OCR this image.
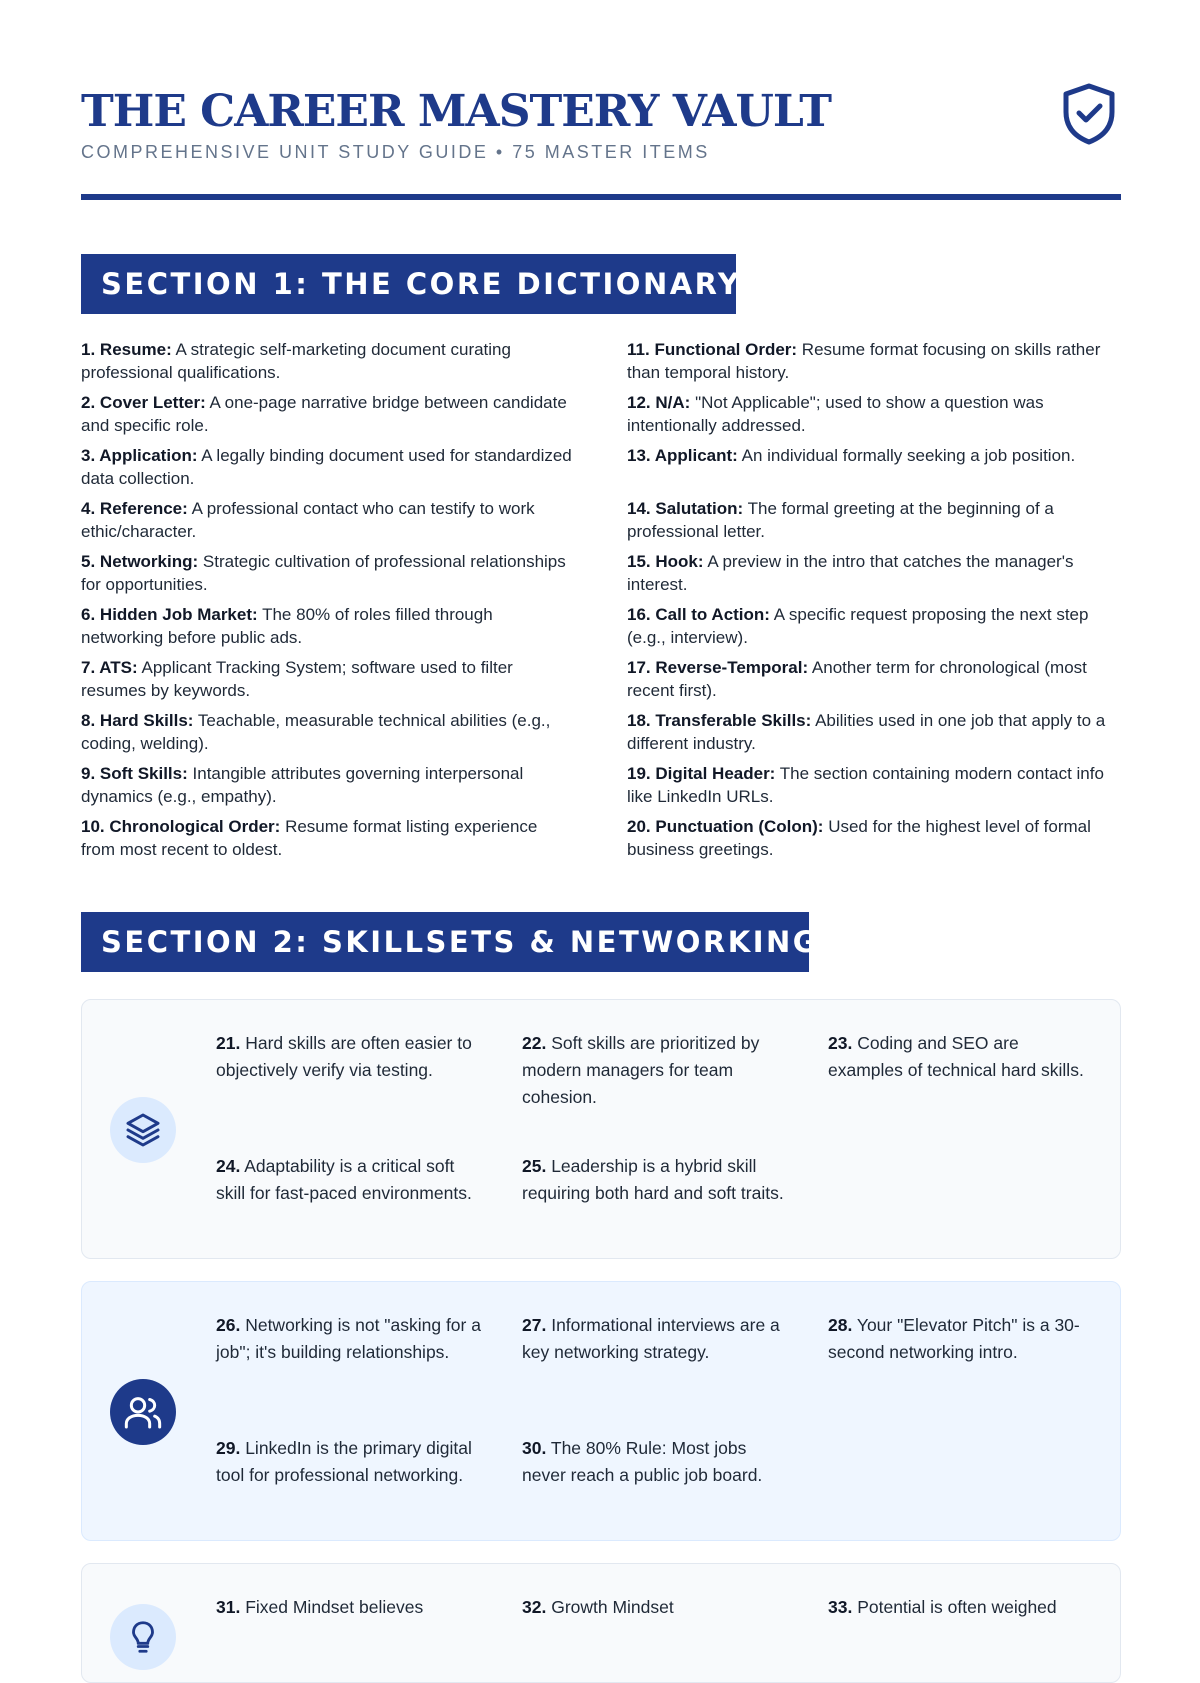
THE CAREER MASTERY VAULT
COMPREHENSIVE UNIT STUDY GUIDE • 75 MASTER ITEMS
SECTION 1: THE CORE DICTIONARY
1. Resume: A strategic self-marketing document curating professional qualifications.
2. Cover Letter: A one-page narrative bridge between candidate and specific role.
3. Application: A legally binding document used for standardized data collection.
4. Reference: A professional contact who can testify to work ethic/character.
5. Networking: Strategic cultivation of professional relationships for opportunities.
6. Hidden Job Market: The 80% of roles filled through networking before public ads.
7. ATS: Applicant Tracking System; software used to filter resumes by keywords.
8. Hard Skills: Teachable, measurable technical abilities (e.g., coding, welding).
9. Soft Skills: Intangible attributes governing interpersonal dynamics (e.g., empathy).
10. Chronological Order: Resume format listing experience from most recent to oldest.
11. Functional Order: Resume format focusing on skills rather than temporal history.
12. N/A: "Not Applicable"; used to show a question was intentionally addressed.
13. Applicant: An individual formally seeking a job position.
14. Salutation: The formal greeting at the beginning of a professional letter.
15. Hook: A preview in the intro that catches the manager's interest.
16. Call to Action: A specific request proposing the next step (e.g., interview).
17. Reverse-Temporal: Another term for chronological (most recent first).
18. Transferable Skills: Abilities used in one job that apply to a different industry.
19. Digital Header: The section containing modern contact info like LinkedIn URLs.
20. Punctuation (Colon): Used for the highest level of formal business greetings.
SECTION 2: SKILLSETS & NETWORKING
21. Hard skills are often easier to objectively verify via testing.
22. Soft skills are prioritized by modern managers for team cohesion.
23. Coding and SEO are examples of technical hard skills.
24. Adaptability is a critical soft skill for fast-paced environments.
25. Leadership is a hybrid skill requiring both hard and soft traits.
26. Networking is not "asking for a job"; it's building relationships.
27. Informational interviews are a key networking strategy.
28. Your "Elevator Pitch" is a 30-second networking intro.
29. LinkedIn is the primary digital tool for professional networking.
30. The 80% Rule: Most jobs never reach a public job board.
31. Fixed Mindset believes	32. Growth Mindset	33. Potential is often weighed
